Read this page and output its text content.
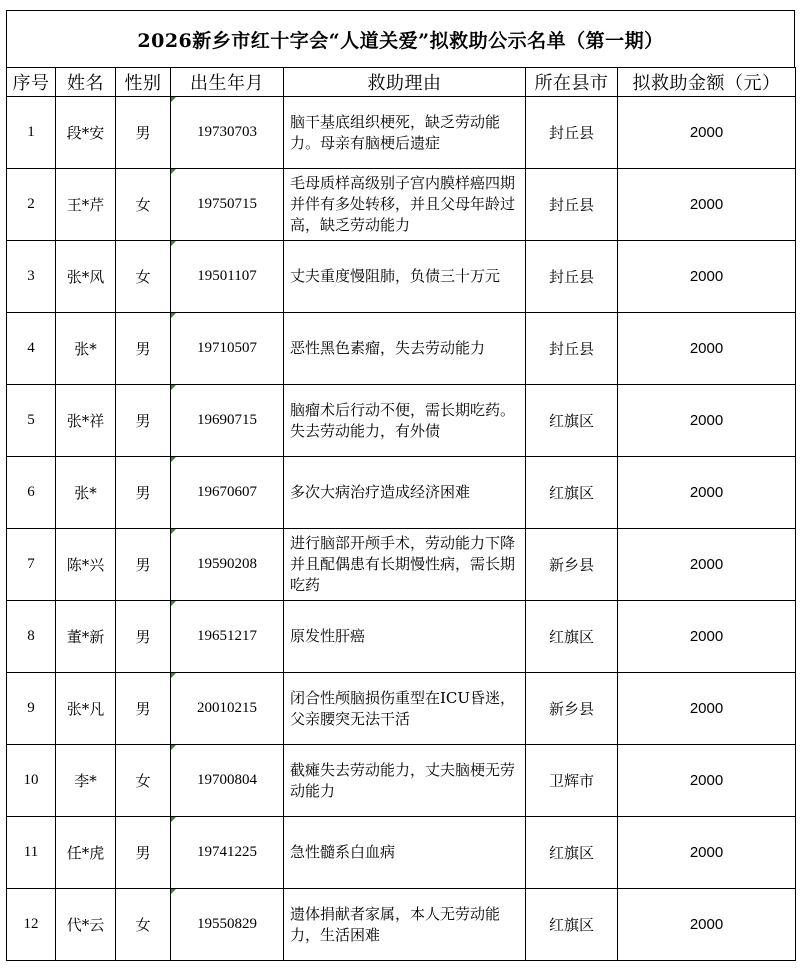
2026新乡市红十字会“人道关爱”拟救助公示名单（第一期）
序号	姓名	性别	出生年月	救助理由	所在县市	拟救助金额（元）
1	段*安	男	19730703	脑干基底组织梗死，缺乏劳动能力。母亲有脑梗后遗症	封丘县	2000
2	王*芹	女	19750715	毛母质样高级别子宫内膜样癌四期并伴有多处转移，并且父母年龄过高，缺乏劳动能力	封丘县	2000
3	张*风	女	19501107	丈夫重度慢阻肺，负债三十万元	封丘县	2000
4	张*	男	19710507	恶性黑色素瘤，失去劳动能力	封丘县	2000
5	张*祥	男	19690715	脑瘤术后行动不便，需长期吃药。失去劳动能力，有外债	红旗区	2000
6	张*	男	19670607	多次大病治疗造成经济困难	红旗区	2000
7	陈*兴	男	19590208	进行脑部开颅手术，劳动能力下降并且配偶患有长期慢性病，需长期吃药	新乡县	2000
8	董*新	男	19651217	原发性肝癌	红旗区	2000
9	张*凡	男	20010215	闭合性颅脑损伤重型在ICU昏迷，父亲腰突无法干活	新乡县	2000
10	李*	女	19700804	截瘫失去劳动能力，丈夫脑梗无劳动能力	卫辉市	2000
11	任*虎	男	19741225	急性髓系白血病	红旗区	2000
12	代*云	女	19550829	遗体捐献者家属，本人无劳动能力，生活困难	红旗区	2000
